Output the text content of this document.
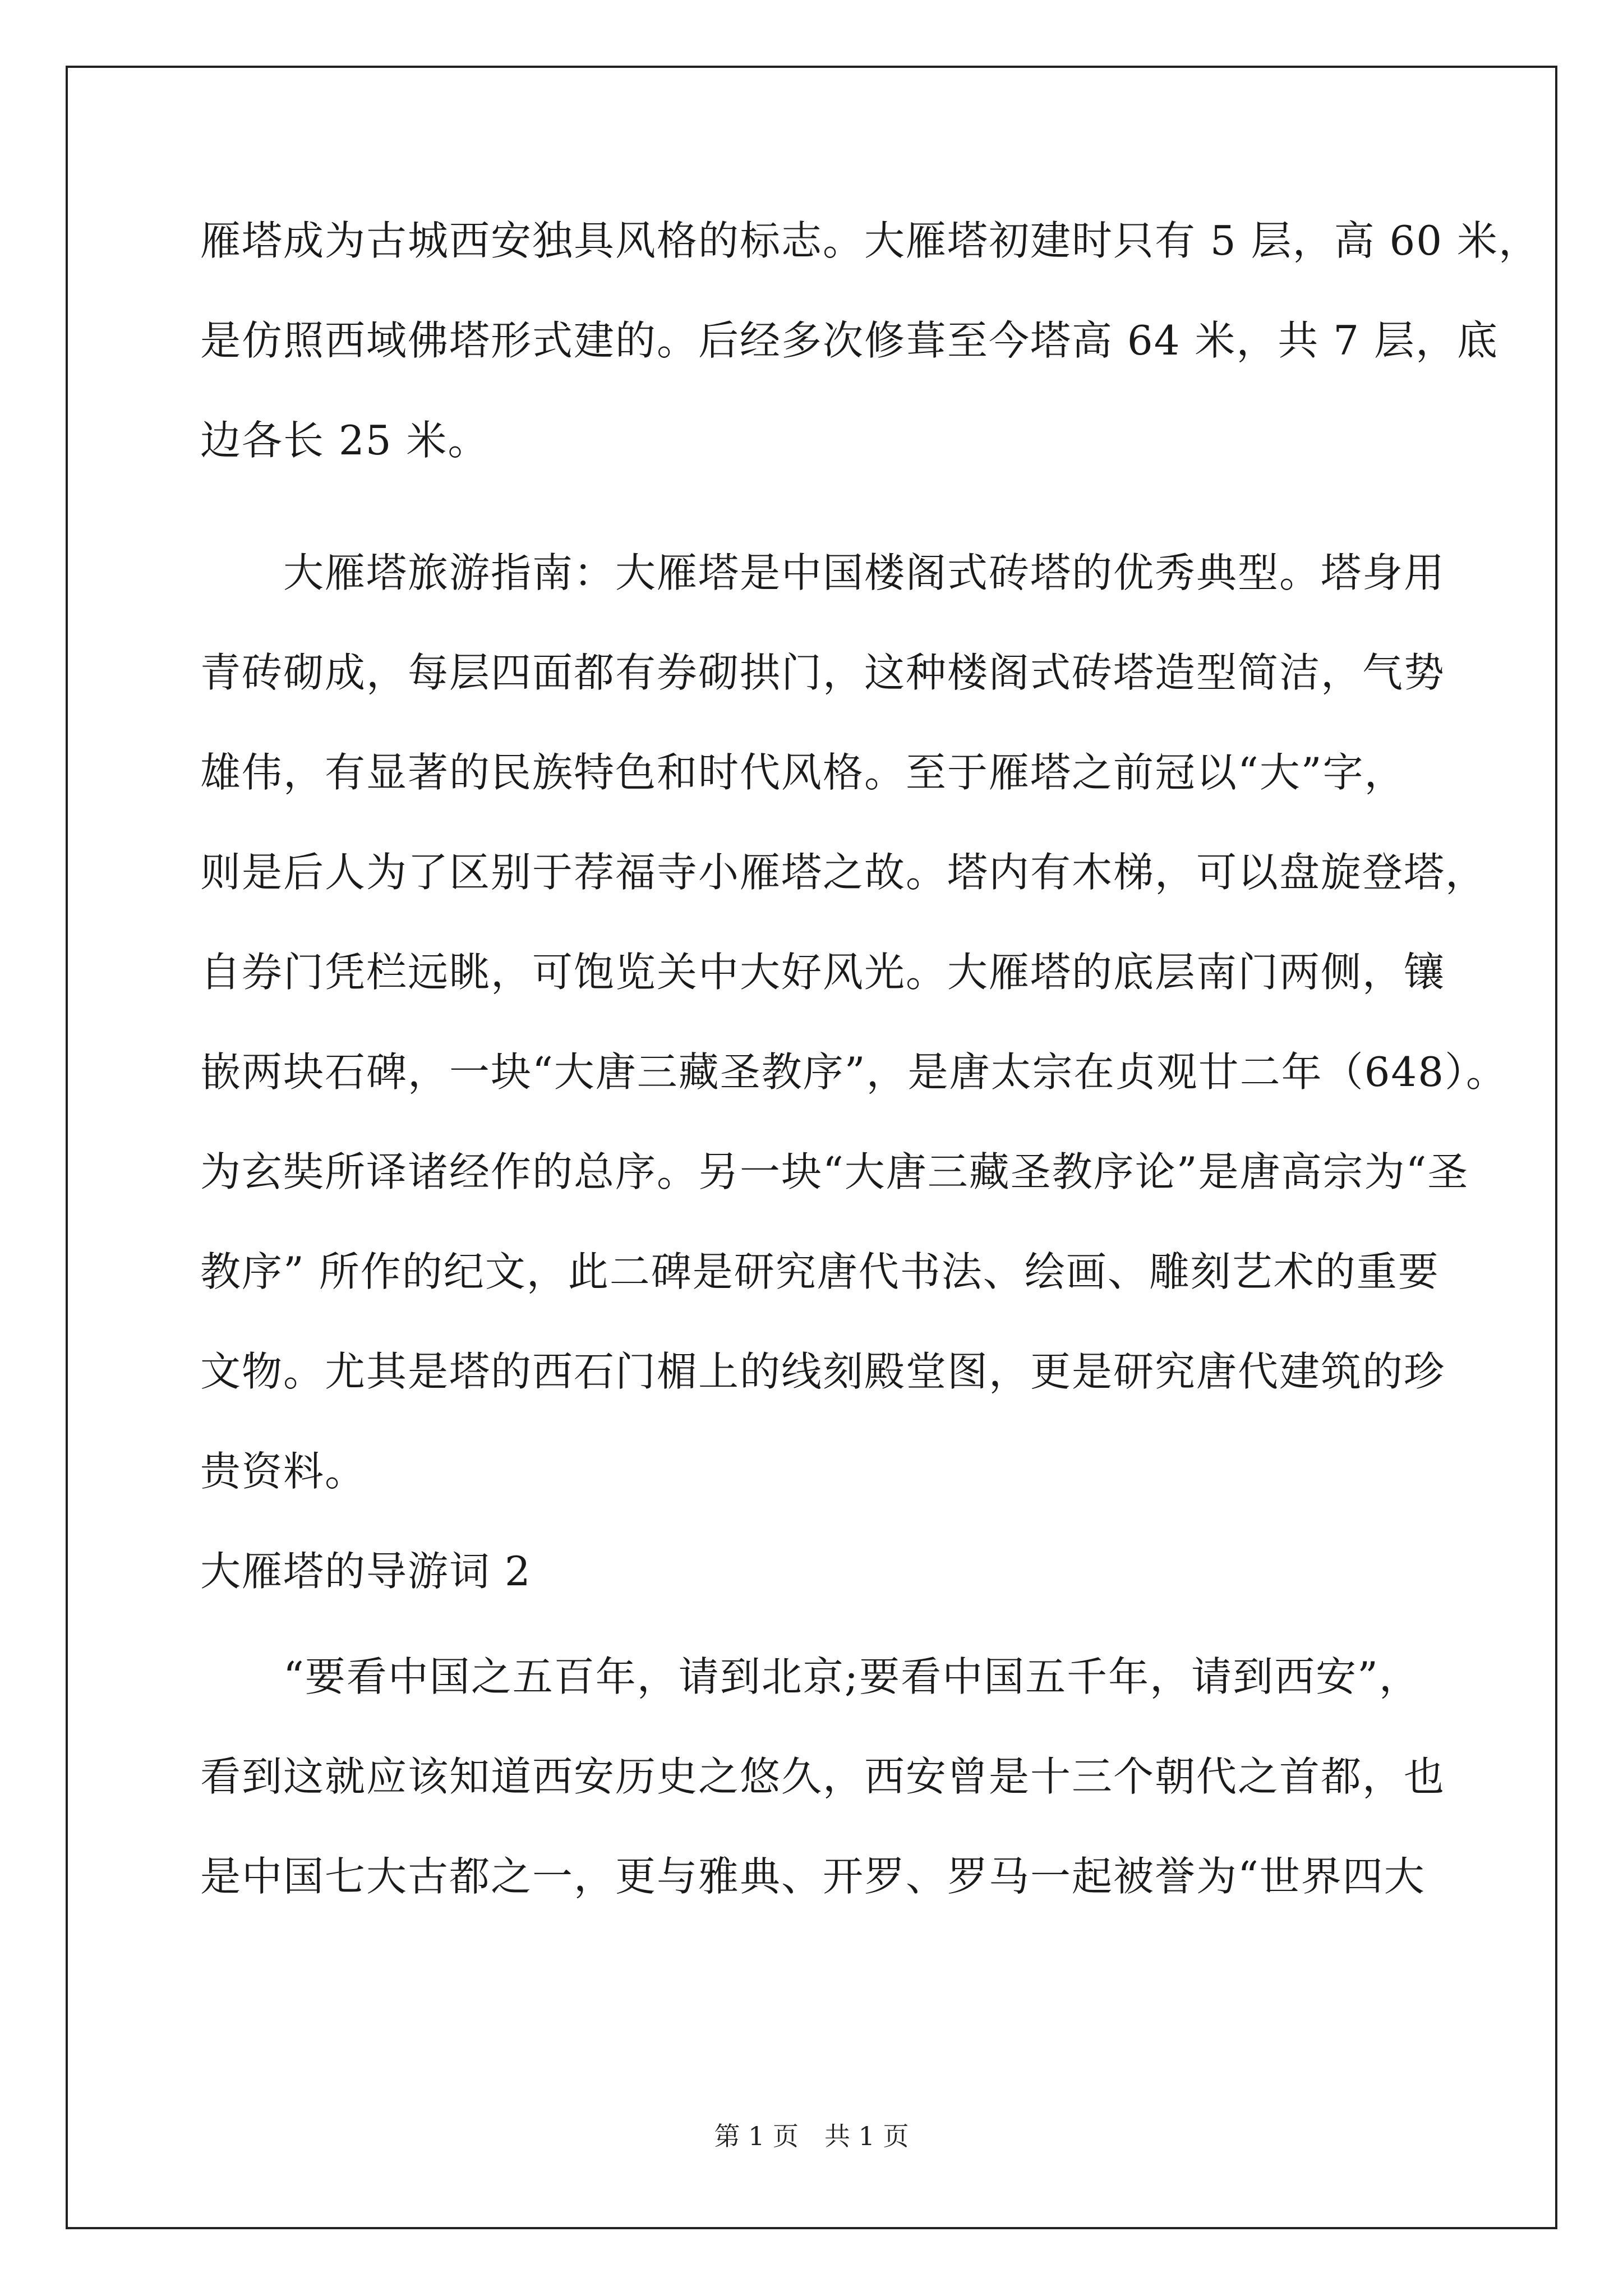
雁塔成为古城西安独具风格的标志。大雁塔初建时只有 5 层，高 60 米，
是仿照西域佛塔形式建的。后经多次修葺至今塔高 64 米，共 7 层，底
边各长 25 米。
　　大雁塔旅游指南：大雁塔是中国楼阁式砖塔的优秀典型。塔身用
青砖砌成，每层四面都有券砌拱门，这种楼阁式砖塔造型简洁，气势
雄伟，有显著的民族特色和时代风格。至于雁塔之前冠以“大”字，
则是后人为了区别于荐福寺小雁塔之故。塔内有木梯，可以盘旋登塔，
自券门凭栏远眺，可饱览关中大好风光。大雁塔的底层南门两侧，镶
嵌两块石碑，一块“大唐三藏圣教序”，是唐太宗在贞观廿二年（648）。
为玄奘所译诸经作的总序。另一块“大唐三藏圣教序论”是唐高宗为“圣
教序” 所作的纪文，此二碑是研究唐代书法、绘画、雕刻艺术的重要
文物。尤其是塔的西石门楣上的线刻殿堂图，更是研究唐代建筑的珍
贵资料。
大雁塔的导游词 2
　　“要看中国之五百年，请到北京;要看中国五千年，请到西安”，
看到这就应该知道西安历史之悠久，西安曾是十三个朝代之首都，也
是中国七大古都之一，更与雅典、开罗、罗马一起被誉为“世界四大
第 1 页　共 1 页
